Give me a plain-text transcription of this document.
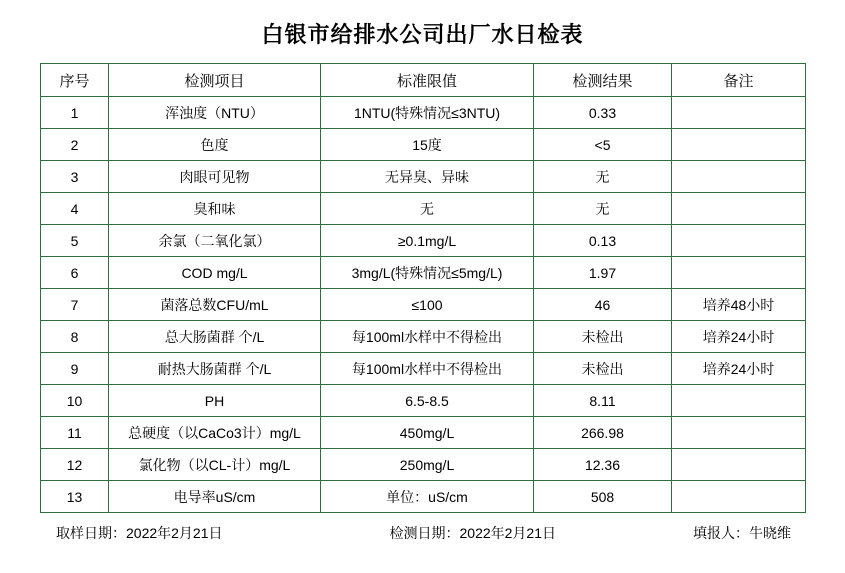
白银市给排水公司出厂水日检表
序号	检测项目	标准限值	检测结果	备注
1	浑浊度（NTU）	1NTU(特殊情况≤3NTU)	0.33	
2	色度	15度	<5	
3	肉眼可见物	无异臭、异味	无	
4	臭和味	无	无	
5	余氯（二氧化氯）	≥0.1mg/L	0.13	
6	COD mg/L	3mg/L(特殊情况≤5mg/L)	1.97	
7	菌落总数CFU/mL	≤100	46	培养48小时
8	总大肠菌群 个/L	每100ml水样中不得检出	未检出	培养24小时
9	耐热大肠菌群 个/L	每100ml水样中不得检出	未检出	培养24小时
10	PH	6.5-8.5	8.11	
11	总硬度（以CaCo3计）mg/L	450mg/L	266.98	
12	氯化物（以CL-计）mg/L	250mg/L	12.36	
13	电导率uS/cm	单位：uS/cm	508	
取样日期：2022年2月21日	检测日期：2022年2月21日	填报人：牛晓维
